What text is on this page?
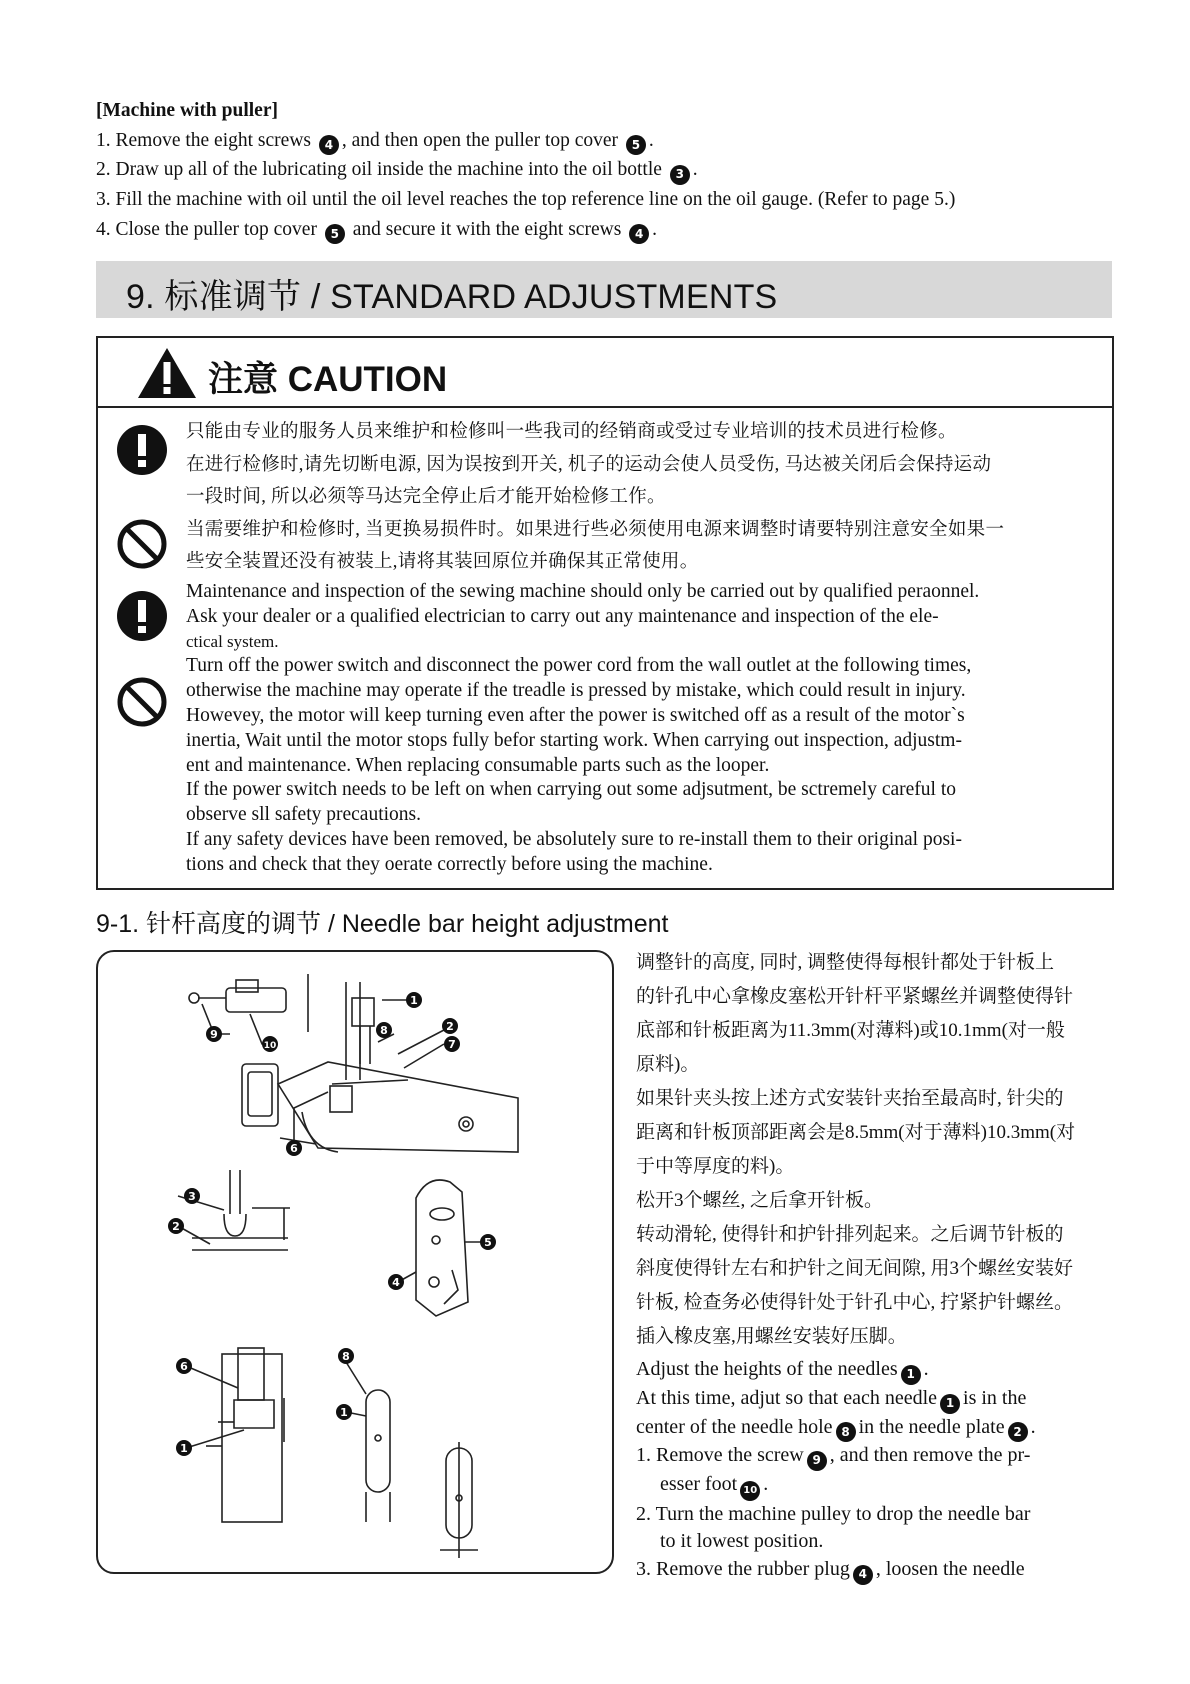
[Machine with puller]
1. Remove the eight screws 4 , and then open the puller top cover 5 .
2. Draw up all of the lubricating oil inside the machine into the oil bottle 3 .
3. Fill the machine with oil until the oil level reaches the top reference line on the oil gauge. (Refer to page 5.)
4. Close the puller top cover 5 and secure it with the eight screws 4 .
9. 标准调节 / STANDARD ADJUSTMENTS
注意 CAUTION
只能由专业的服务人员来维护和检修叫一些我司的经销商或受过专业培训的技术员进行检修。
在进行检修时,请先切断电源, 因为误按到开关, 机子的运动会使人员受伤, 马达被关闭后会保持运动
一段时间, 所以必须等马达完全停止后才能开始检修工作。
当需要维护和检修时, 当更换易损件时。如果进行些必须使用电源来调整时请要特别注意安全如果一
些安全装置还没有被装上,请将其装回原位并确保其正常使用。
Maintenance and inspection of the sewing machine should only be carried out by qualified peraonnel.
Ask your dealer or a qualified electrician to carry out any maintenance and inspection of the ele-
ctical system.
Turn off the power switch and disconnect the power cord from the wall outlet at the following times,
otherwise the machine may operate if the treadle is pressed by mistake, which could result in injury.
Howevey, the motor will keep turning even after the power is switched off as a result of the motor`s
inertia, Wait until the motor stops fully befor starting work. When carrying out inspection, adjustm-
ent and maintenance. When replacing consumable parts such as the looper.
If the power switch needs to be left on when carrying out some adjsutment, be sctremely careful to
observe sll safety precautions.
If any safety devices have been removed, be absolutely sure to re-install them to their original posi-
tions and check that they oerate correctly before using the machine.
9-1. 针杆高度的调节 / Needle bar height adjustment
9
10
1
8	2
7
6
3
2
4
5
6
1
8
1
调整针的高度, 同时, 调整使得每根针都处于针板上
的针孔中心拿橡皮塞松开针杆平紧螺丝并调整使得针
底部和针板距离为11.3mm(对薄料)或10.1mm(对一般
原料)。
如果针夹头按上述方式安装针夹抬至最高时, 针尖的
距离和针板顶部距离会是8.5mm(对于薄料)10.3mm(对
于中等厚度的料)。
松开3个螺丝, 之后拿开针板。
转动滑轮, 使得针和护针排列起来。之后调节针板的
斜度使得针左右和护针之间无间隙, 用3个螺丝安装好
针板, 检查务必使得针处于针孔中心, 拧紧护针螺丝。
插入橡皮塞,用螺丝安装好压脚。
Adjust the heights of the needles 1 .
At this time, adjut so that each needle 1 is in the
center of the needle hole 8 in the needle plate 2 .
1. Remove the screw 9 , and then remove the pr-
esser foot 10 .
2. Turn the machine pulley to drop the needle bar
to it lowest position.
3. Remove the rubber plug 4 , loosen the needle
